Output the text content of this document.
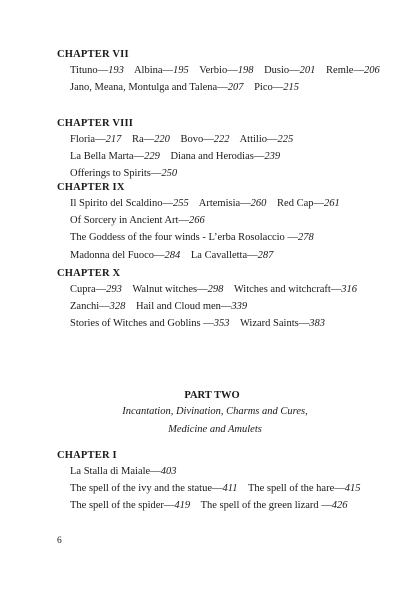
CHAPTER VII
Tituno—193 Albina—195 Verbio—198 Dusio—201 Remle—206
Jano, Meana, Montulga and Talena—207 Pico—215
CHAPTER VIII
Floria—217 Ra—220 Bovo—222 Attilio—225
La Bella Marta—229 Diana and Herodias—239
Offerings to Spirits—250
CHAPTER IX
Il Spirito del Scaldino—255 Artemisia—260 Red Cap—261
Of Sorcery in Ancient Art—266
The Goddess of the four winds - L’erba Rosolaccio —278
Madonna del Fuoco—284 La Cavalletta—287
CHAPTER X
Cupra—293 Walnut witches—298 Witches and witchcraft—316
Zanchi—328 Hail and Cloud men—339
Stories of Witches and Goblins —353 Wizard Saints—383
PART TWO
Incantation, Divination, Charms and Cures,
Medicine and Amulets
CHAPTER I
La Stalla di Maiale—403
The spell of the ivy and the statue—411 The spell of the hare—415
The spell of the spider—419 The spell of the green lizard —426
6
